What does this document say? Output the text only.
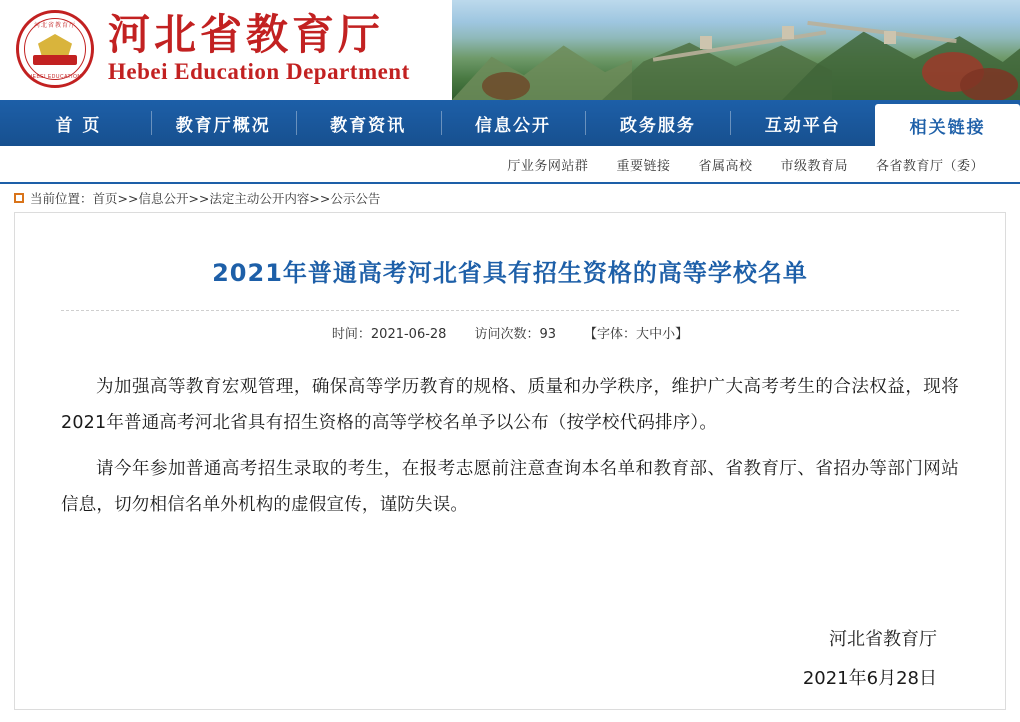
河北省教育厅
HEBEI EDUCATION
河北省教育厅
Hebei Education Department
首 页	教育厅概况	教育资讯	信息公开	政务服务	互动平台	相关链接
厅业务网站群	重要链接	省属高校	市级教育局	各省教育厅（委）
当前位置： 首页>>信息公开>>法定主动公开内容>>公示公告
2021年普通高考河北省具有招生资格的高等学校名单
时间：2021-06-28 访问次数：93 【字体：大中小】

为加强高等教育宏观管理，确保高等学历教育的规格、质量和办学秩序，维护广大高考考生的合法权益，现将2021年普通高考河北省具有招生资格的高等学校名单予以公布（按学校代码排序）。

请今年参加普通高考招生录取的考生，在报考志愿前注意查询本名单和教育部、省教育厅、省招办等部门网站信息，切勿相信名单外机构的虚假宣传，谨防失误。

河北省教育厅
2021年6月28日
